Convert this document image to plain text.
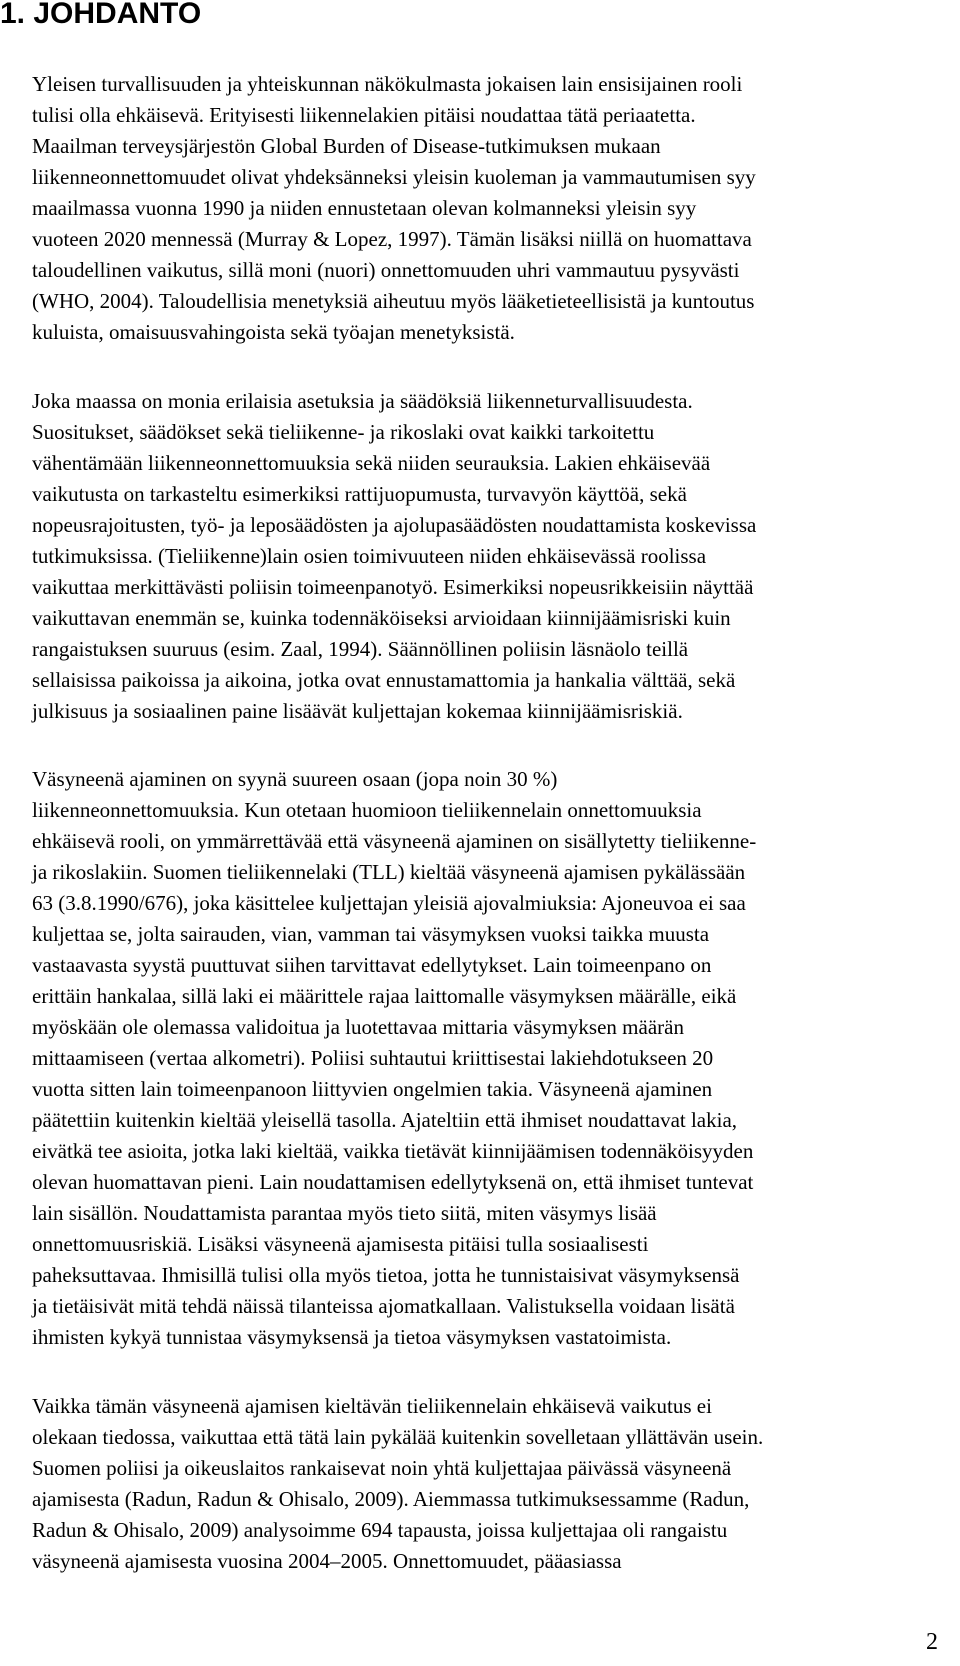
1. JOHDANTO

Yleisen turvallisuuden ja yhteiskunnan näkökulmasta jokaisen lain ensisijainen rooli
tulisi olla ehkäisevä. Erityisesti liikennelakien pitäisi noudattaa tätä periaatetta.
Maailman terveysjärjestön Global Burden of Disease-tutkimuksen mukaan
liikenneonnettomuudet olivat yhdeksänneksi yleisin kuoleman ja vammautumisen syy
maailmassa vuonna 1990 ja niiden ennustetaan olevan kolmanneksi yleisin syy
vuoteen 2020 mennessä (Murray & Lopez, 1997). Tämän lisäksi niillä on huomattava
taloudellinen vaikutus, sillä moni (nuori) onnettomuuden uhri vammautuu pysyvästi
(WHO, 2004). Taloudellisia menetyksiä aiheutuu myös lääketieteellisistä ja kuntoutus
kuluista, omaisuusvahingoista sekä työajan menetyksistä.

Joka maassa on monia erilaisia asetuksia ja säädöksiä liikenneturvallisuudesta.
Suositukset, säädökset sekä tieliikenne- ja rikoslaki ovat kaikki tarkoitettu
vähentämään liikenneonnettomuuksia sekä niiden seurauksia. Lakien ehkäisevää
vaikutusta on tarkasteltu esimerkiksi rattijuopumusta, turvavyön käyttöä, sekä
nopeusrajoitusten, työ- ja leposäädösten ja ajolupasäädösten noudattamista koskevissa
tutkimuksissa. (Tieliikenne)lain osien toimivuuteen niiden ehkäisevässä roolissa
vaikuttaa merkittävästi poliisin toimeenpanotyö. Esimerkiksi nopeusrikkeisiin näyttää
vaikuttavan enemmän se, kuinka todennäköiseksi arvioidaan kiinnijäämisriski kuin
rangaistuksen suuruus (esim. Zaal, 1994). Säännöllinen poliisin läsnäolo teillä
sellaisissa paikoissa ja aikoina, jotka ovat ennustamattomia ja hankalia välttää, sekä
julkisuus ja sosiaalinen paine lisäävät kuljettajan kokemaa kiinnijäämisriskiä.

Väsyneenä ajaminen on syynä suureen osaan (jopa noin 30 %)
liikenneonnettomuuksia. Kun otetaan huomioon tieliikennelain onnettomuuksia
ehkäisevä rooli, on ymmärrettävää että väsyneenä ajaminen on sisällytetty tieliikenne-
ja rikoslakiin. Suomen tieliikennelaki (TLL) kieltää väsyneenä ajamisen pykälässään
63 (3.8.1990/676), joka käsittelee kuljettajan yleisiä ajovalmiuksia: Ajoneuvoa ei saa
kuljettaa se, jolta sairauden, vian, vamman tai väsymyksen vuoksi taikka muusta
vastaavasta syystä puuttuvat siihen tarvittavat edellytykset. Lain toimeenpano on
erittäin hankalaa, sillä laki ei määrittele rajaa laittomalle väsymyksen määrälle, eikä
myöskään ole olemassa validoitua ja luotettavaa mittaria väsymyksen määrän
mittaamiseen (vertaa alkometri). Poliisi suhtautui kriittisestai lakiehdotukseen 20
vuotta sitten lain toimeenpanoon liittyvien ongelmien takia. Väsyneenä ajaminen
päätettiin kuitenkin kieltää yleisellä tasolla. Ajateltiin että ihmiset noudattavat lakia,
eivätkä tee asioita, jotka laki kieltää, vaikka tietävät kiinnijäämisen todennäköisyyden
olevan huomattavan pieni. Lain noudattamisen edellytyksenä on, että ihmiset tuntevat
lain sisällön. Noudattamista parantaa myös tieto siitä, miten väsymys lisää
onnettomuusriskiä. Lisäksi väsyneenä ajamisesta pitäisi tulla sosiaalisesti
paheksuttavaa. Ihmisillä tulisi olla myös tietoa, jotta he tunnistaisivat väsymyksensä
ja tietäisivät mitä tehdä näissä tilanteissa ajomatkallaan. Valistuksella voidaan lisätä
ihmisten kykyä tunnistaa väsymyksensä ja tietoa väsymyksen vastatoimista.

Vaikka tämän väsyneenä ajamisen kieltävän tieliikennelain ehkäisevä vaikutus ei
olekaan tiedossa, vaikuttaa että tätä lain pykälää kuitenkin sovelletaan yllättävän usein.
Suomen poliisi ja oikeuslaitos rankaisevat noin yhtä kuljettajaa päivässä väsyneenä
ajamisesta (Radun, Radun & Ohisalo, 2009). Aiemmassa tutkimuksessamme (Radun,
Radun & Ohisalo, 2009) analysoimme 694 tapausta, joissa kuljettajaa oli rangaistu
väsyneenä ajamisesta vuosina 2004–2005. Onnettomuudet, pääasiassa

2
